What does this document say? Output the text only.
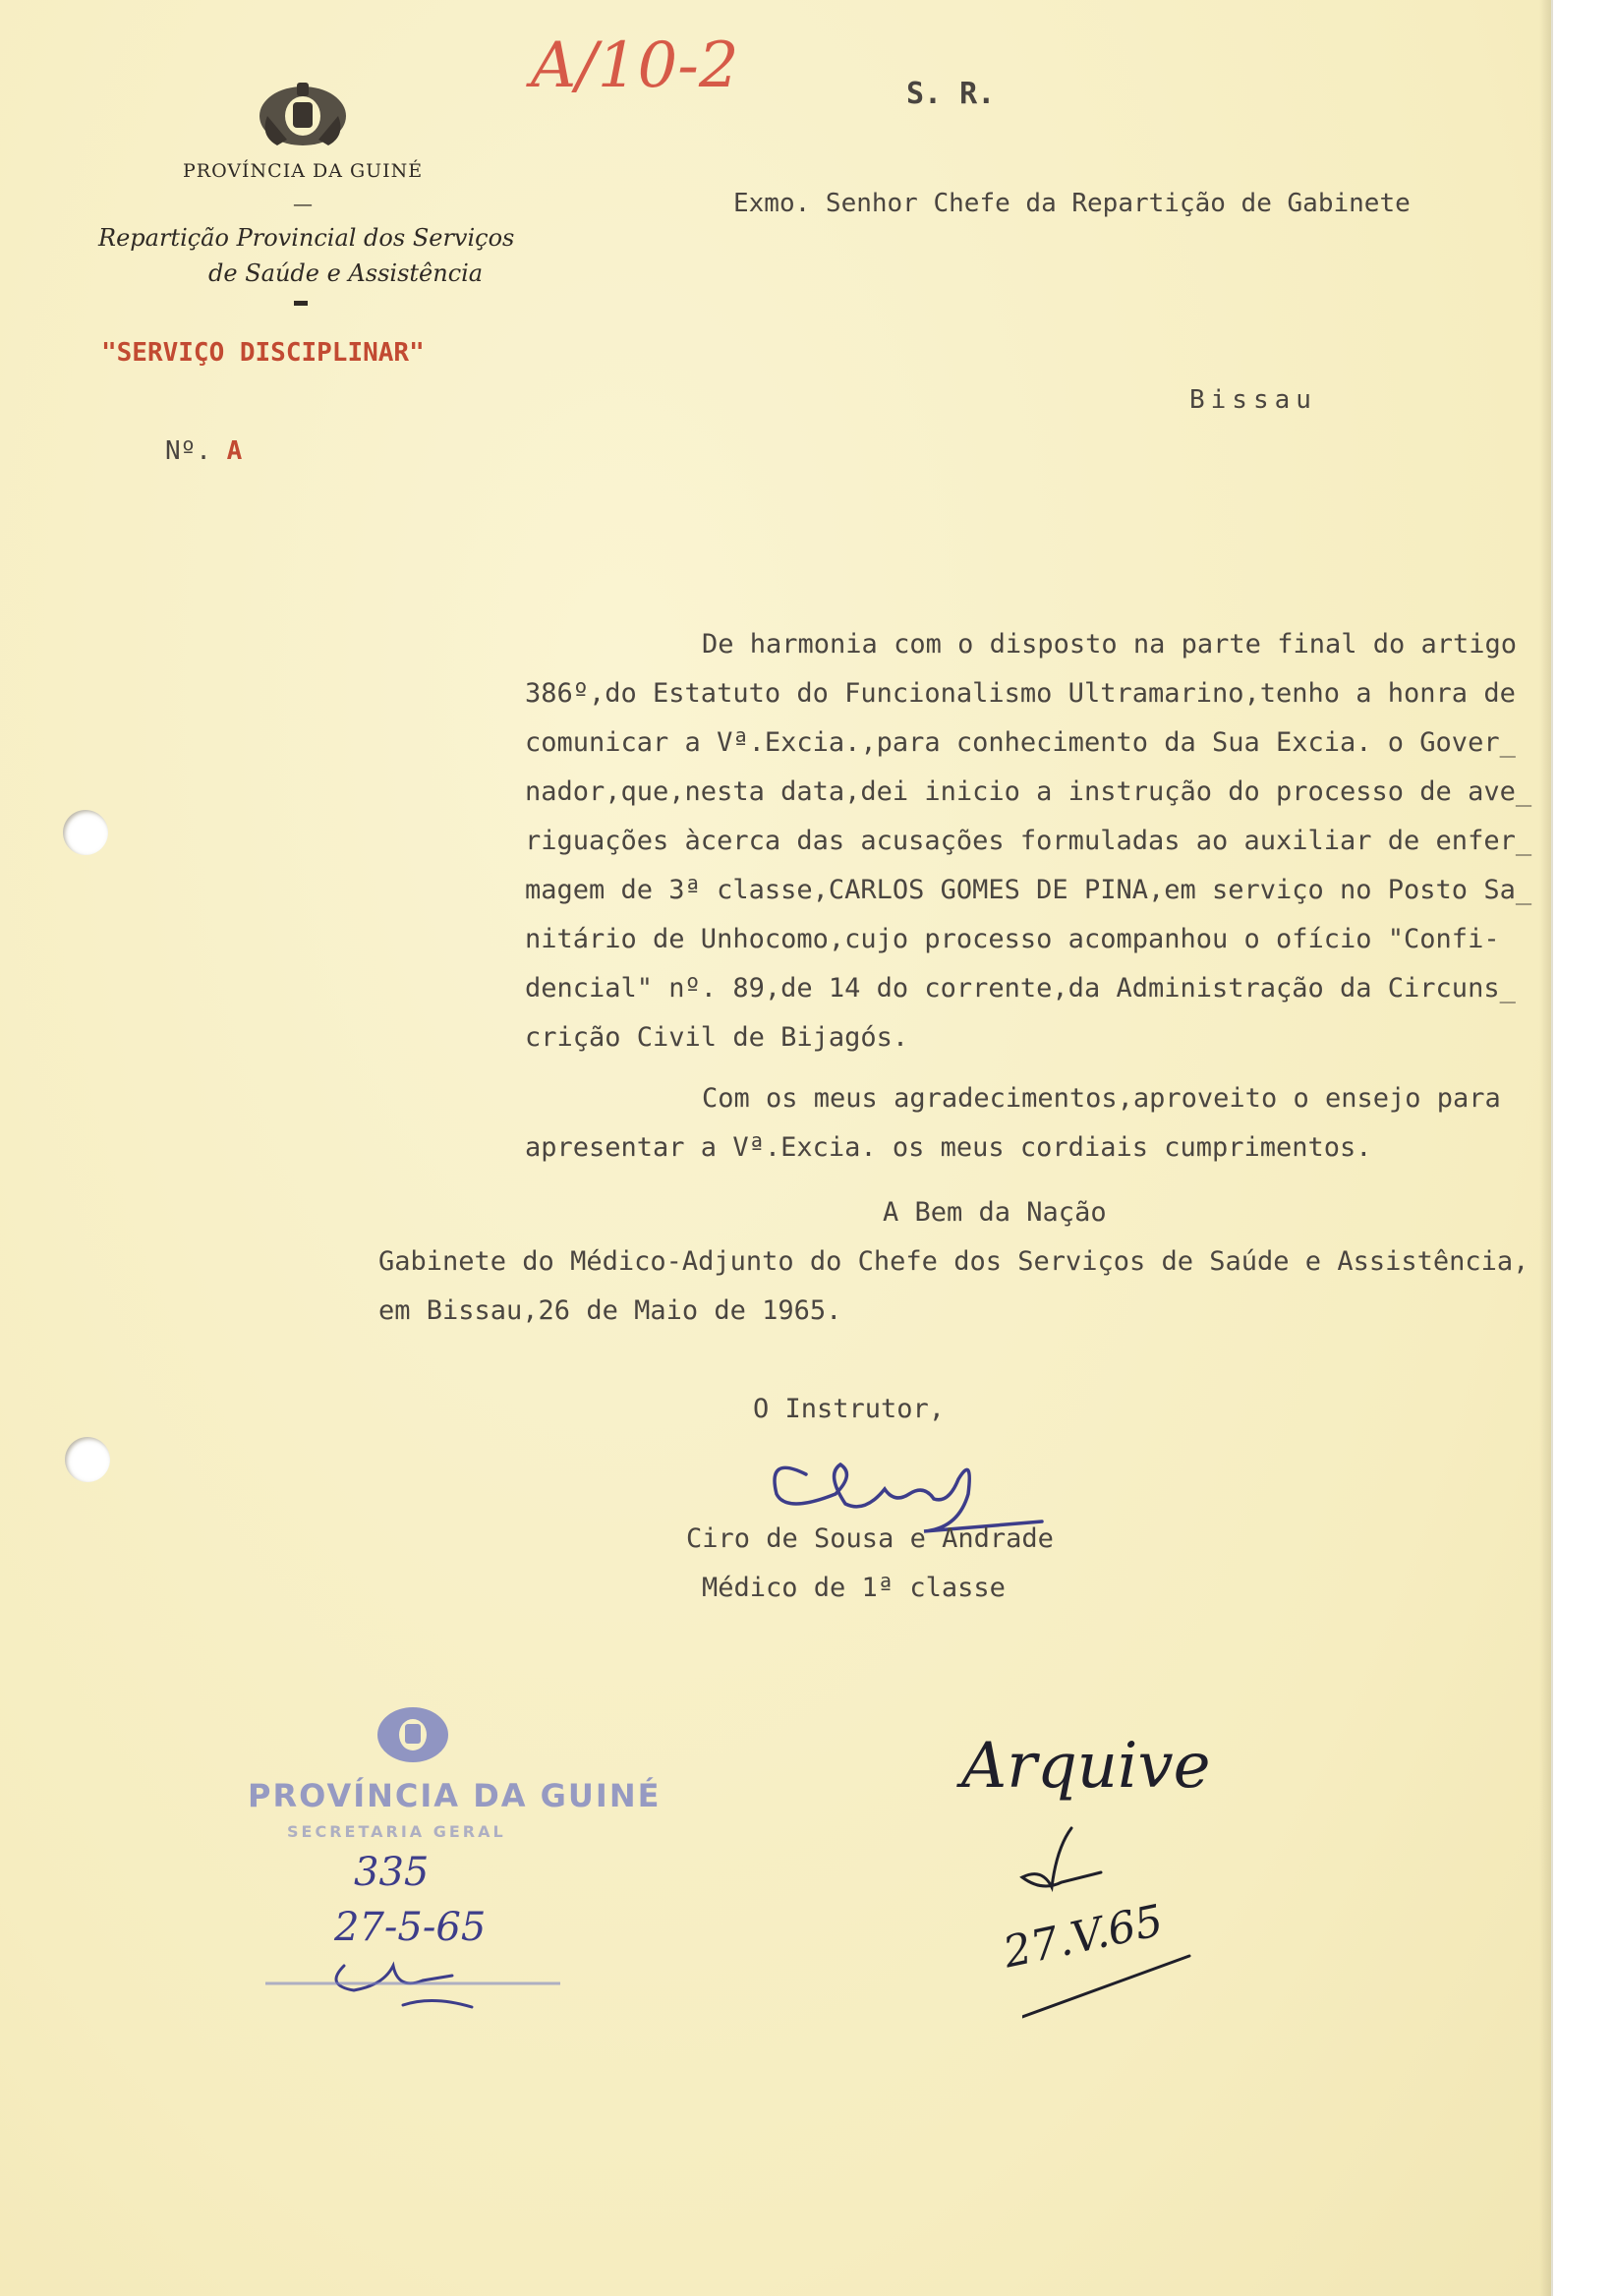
PROVÍNCIA DA GUINÉ
—
Repartição Provincial dos Serviços
de Saúde e Assistência
"SERVIÇO DISCIPLINAR"
Nº. A
A/10-2	S. R.
Exmo. Senhor Chefe da Repartição de Gabinete
Bissau
De harmonia com o disposto na parte final do artigo
386º,do Estatuto do Funcionalismo Ultramarino,tenho a honra de
comunicar a Vª.Excia.,para conhecimento da Sua Excia. o Gover_
nador,que,nesta data,dei inicio a instrução do processo de ave_
riguações àcerca das acusações formuladas ao auxiliar de enfer_
magem de 3ª classe,CARLOS GOMES DE PINA,em serviço no Posto Sa_
nitário de Unhocomo,cujo processo acompanhou o ofício "Confi-
dencial" nº. 89,de 14 do corrente,da Administração da Circuns_
crição Civil de Bijagós.
Com os meus agradecimentos,aproveito o ensejo para
apresentar a Vª.Excia. os meus cordiais cumprimentos.
A Bem da Nação
Gabinete do Médico-Adjunto do Chefe dos Serviços de Saúde e Assistência,
em Bissau,26 de Maio de 1965.
O Instrutor,
Ciro de Sousa e Andrade
Médico de 1ª classe
PROVÍNCIA DA GUINÉ
SECRETARIA GERAL
335
27-5-65
Arquive
27.V.65
